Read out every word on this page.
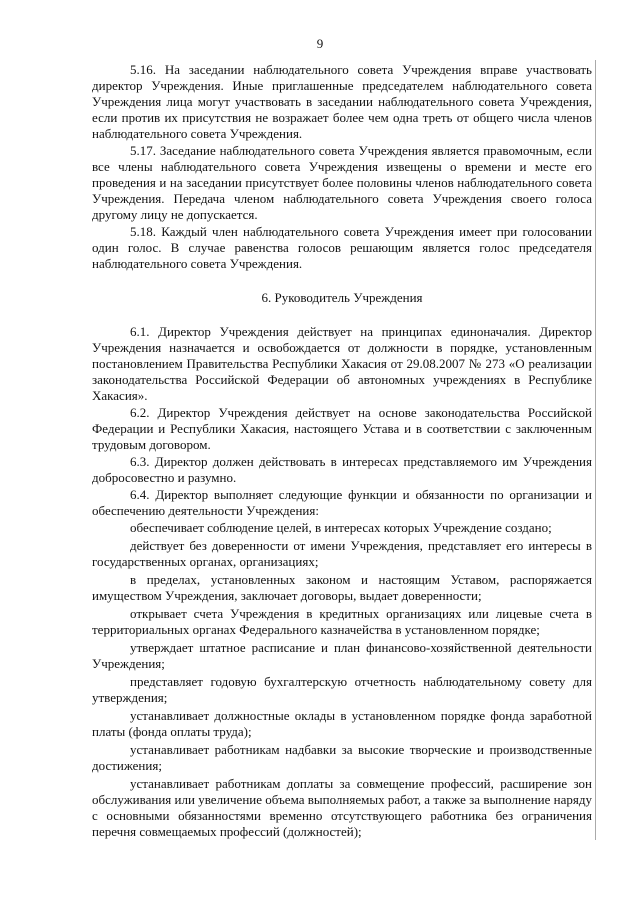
9

5.16. На заседании наблюдательного совета Учреждения вправе участвовать директор Учреждения. Иные приглашенные председателем наблюдательного совета Учреждения лица могут участвовать в заседании наблюдательного совета Учреждения, если против их присутствия не возражает более чем одна треть от общего числа членов наблюдательного совета Учреждения.

5.17. Заседание наблюдательного совета Учреждения является правомочным, если все члены наблюдательного совета Учреждения извещены о времени и месте его проведения и на заседании присутствует более половины членов наблюдательного совета Учреждения. Передача членом наблюдательного совета Учреждения своего голоса другому лицу не допускается.

5.18. Каждый член наблюдательного совета Учреждения имеет при голосовании один голос. В случае равенства голосов решающим является голос председателя наблюдательного совета Учреждения.

6. Руководитель Учреждения

6.1. Директор Учреждения действует на принципах единоначалия. Директор Учреждения назначается и освобождается от должности в порядке, установленным постановлением Правительства Республики Хакасия от 29.08.2007 № 273 «О реализации законодательства Российской Федерации об автономных учреждениях в Республике Хакасия».

6.2. Директор Учреждения действует на основе законодательства Российской Федерации и Республики Хакасия, настоящего Устава и в соответствии с заключенным трудовым договором.

6.3. Директор должен действовать в интересах представляемого им Учреждения добросовестно и разумно.

6.4. Директор выполняет следующие функции и обязанности по организации и обеспечению деятельности Учреждения:

обеспечивает соблюдение целей, в интересах которых Учреждение создано;

действует без доверенности от имени Учреждения, представляет его интересы в государственных органах, организациях;

в пределах, установленных законом и настоящим Уставом, распоряжается имуществом Учреждения, заключает договоры, выдает доверенности;

открывает счета Учреждения в кредитных организациях или лицевые счета в территориальных органах Федерального казначейства в установленном порядке;

утверждает штатное расписание и план финансово-хозяйственной деятельности Учреждения;

представляет годовую бухгалтерскую отчетность наблюдательному совету для утверждения;

устанавливает должностные оклады в установленном порядке фонда заработной платы (фонда оплаты труда);

устанавливает работникам надбавки за высокие творческие и производственные достижения;

устанавливает работникам доплаты за совмещение профессий, расширение зон обслуживания или увеличение объема выполняемых работ, а также за выполнение наряду с основными обязанностями временно отсутствующего работника без ограничения перечня совмещаемых профессий (должностей);
